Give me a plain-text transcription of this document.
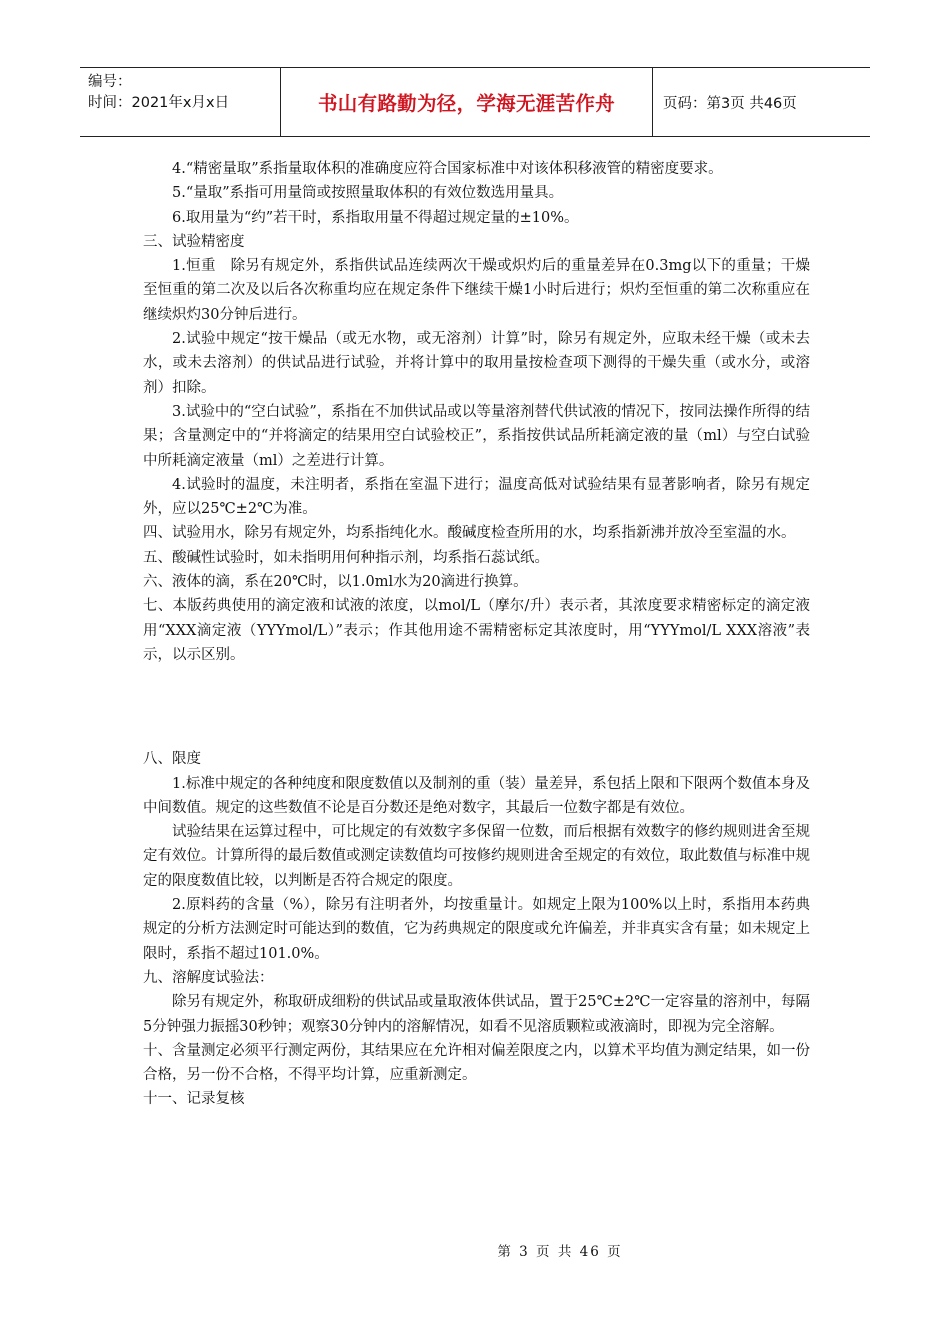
编号：
时间：2021年x月x日	书山有路勤为径，学海无涯苦作舟	页码：第3页 共46页

4.“精密量取”系指量取体积的准确度应符合国家标准中对该体积移液管的精密度要求。

5.“量取”系指可用量筒或按照量取体积的有效位数选用量具。

6.取用量为“约”若干时，系指取用量不得超过规定量的±10%。

三、试验精密度

1.恒重　除另有规定外，系指供试品连续两次干燥或炽灼后的重量差异在0.3mg以下的重量；干燥至恒重的第二次及以后各次称重均应在规定条件下继续干燥1小时后进行；炽灼至恒重的第二次称重应在继续炽灼30分钟后进行。

2.试验中规定“按干燥品（或无水物，或无溶剂）计算”时，除另有规定外，应取未经干燥（或未去水，或未去溶剂）的供试品进行试验，并将计算中的取用量按检查项下测得的干燥失重（或水分，或溶剂）扣除。

3.试验中的“空白试验”，系指在不加供试品或以等量溶剂替代供试液的情况下，按同法操作所得的结果；含量测定中的“并将滴定的结果用空白试验校正”，系指按供试品所耗滴定液的量（ml）与空白试验中所耗滴定液量（ml）之差进行计算。

4.试验时的温度，未注明者，系指在室温下进行；温度高低对试验结果有显著影响者，除另有规定外，应以25℃±2℃为准。

四、试验用水，除另有规定外，均系指纯化水。酸碱度检查所用的水，均系指新沸并放冷至室温的水。

五、酸碱性试验时，如未指明用何种指示剂，均系指石蕊试纸。

六、液体的滴，系在20℃时，以1.0ml水为20滴进行换算。

七、本版药典使用的滴定液和试液的浓度，以mol/L（摩尔/升）表示者，其浓度要求精密标定的滴定液用“XXX滴定液（YYYmol/L）”表示；作其他用途不需精密标定其浓度时，用“YYYmol/L XXX溶液”表示，以示区别。

八、限度

1.标准中规定的各种纯度和限度数值以及制剂的重（装）量差异，系包括上限和下限两个数值本身及中间数值。规定的这些数值不论是百分数还是绝对数字，其最后一位数字都是有效位。

试验结果在运算过程中，可比规定的有效数字多保留一位数，而后根据有效数字的修约规则进舍至规定有效位。计算所得的最后数值或测定读数值均可按修约规则进舍至规定的有效位，取此数值与标准中规定的限度数值比较，以判断是否符合规定的限度。

2.原料药的含量（%），除另有注明者外，均按重量计。如规定上限为100%以上时，系指用本药典规定的分析方法测定时可能达到的数值，它为药典规定的限度或允许偏差，并非真实含有量；如未规定上限时，系指不超过101.0%。

九、溶解度试验法：

除另有规定外，称取研成细粉的供试品或量取液体供试品，置于25℃±2℃一定容量的溶剂中，每隔5分钟强力振摇30秒钟；观察30分钟内的溶解情况，如看不见溶质颗粒或液滴时，即视为完全溶解。

十、含量测定必须平行测定两份，其结果应在允许相对偏差限度之内，以算术平均值为测定结果，如一份合格，另一份不合格，不得平均计算，应重新测定。

十一、记录复核

第 3 页 共 46 页
